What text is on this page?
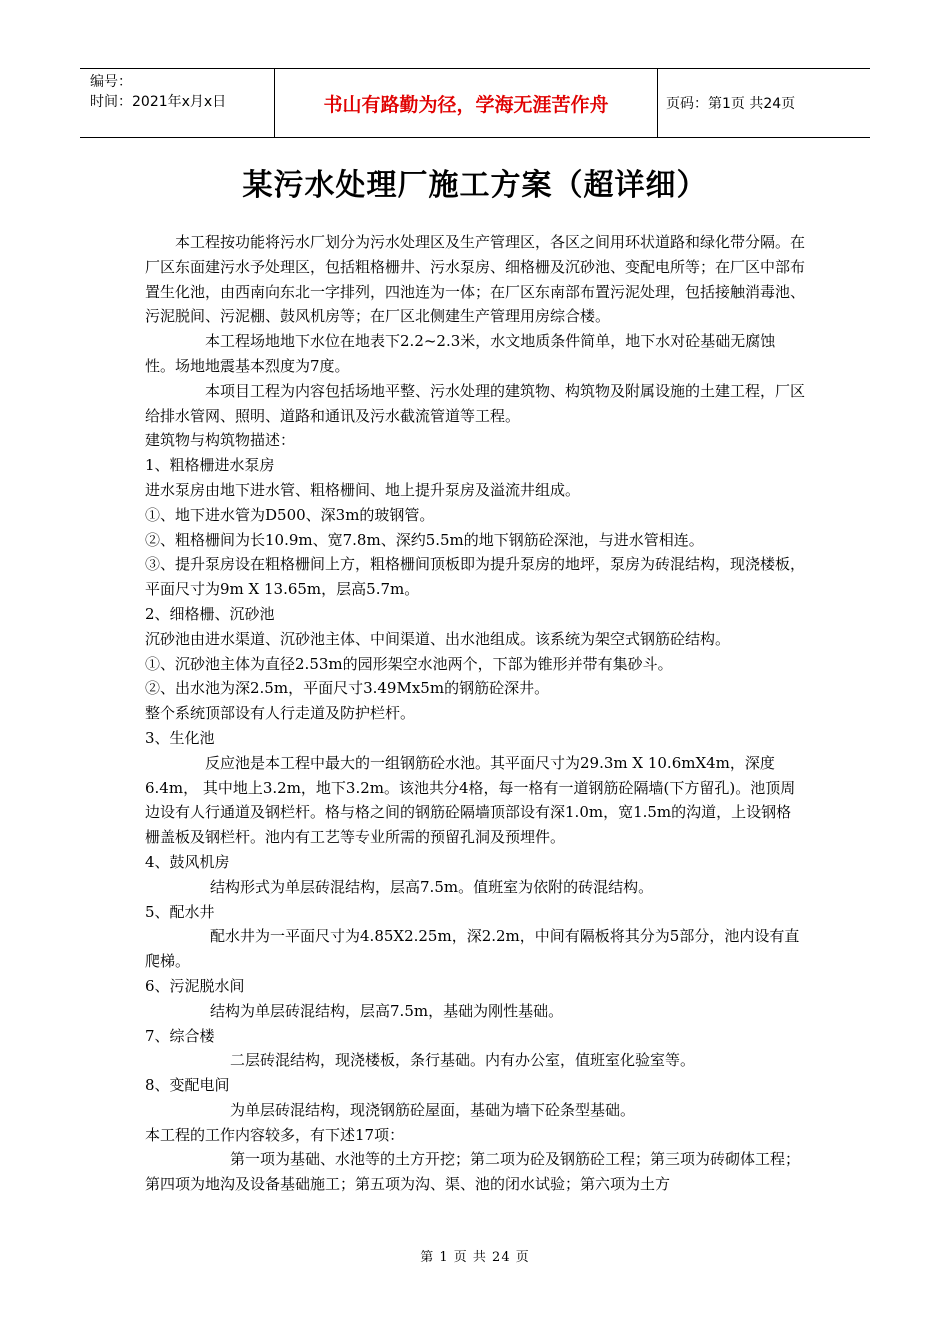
编号：
时间：2021年x月x日	书山有路勤为径，学海无涯苦作舟	页码：第1页 共24页
某污水处理厂施工方案（超详细）

本工程按功能将污水厂划分为污水处理区及生产管理区，各区之间用环状道路和绿化带分隔。在厂区东面建污水予处理区，包括粗格栅井、污水泵房、细格栅及沉砂池、变配电所等；在厂区中部布置生化池，由西南向东北一字排列，四池连为一体；在厂区东南部布置污泥处理，包括接触消毒池、污泥脱间、污泥棚、鼓风机房等；在厂区北侧建生产管理用房综合楼。

本工程场地地下水位在地表下2.2~2.3米，水文地质条件简单，地下水对砼基础无腐蚀性。场地地震基本烈度为7度。

本项目工程为内容包括场地平整、污水处理的建筑物、构筑物及附属设施的土建工程，厂区给排水管网、照明、道路和通讯及污水截流管道等工程。

建筑物与构筑物描述：

1、粗格栅进水泵房

进水泵房由地下进水管、粗格栅间、地上提升泵房及溢流井组成。

①、地下进水管为D500、深3m的玻钢管。

②、粗格栅间为长10.9m、宽7.8m、深约5.5m的地下钢筋砼深池，与进水管相连。

③、提升泵房设在粗格栅间上方，粗格栅间顶板即为提升泵房的地坪，泵房为砖混结构，现浇楼板，平面尺寸为9m X 13.65m，层高5.7m。

2、细格栅、沉砂池

沉砂池由进水渠道、沉砂池主体、中间渠道、出水池组成。该系统为架空式钢筋砼结构。

①、沉砂池主体为直径2.53m的园形架空水池两个，下部为锥形并带有集砂斗。

②、出水池为深2.5m，平面尺寸3.49Mx5m的钢筋砼深井。

整个系统顶部设有人行走道及防护栏杆。

3、生化池

反应池是本工程中最大的一组钢筋砼水池。其平面尺寸为29.3m X 10.6mX4m，深度6.4m， 其中地上3.2m，地下3.2m。该池共分4格，每一格有一道钢筋砼隔墙(下方留孔)。池顶周边设有人行通道及钢栏杆。格与格之间的钢筋砼隔墙顶部设有深1.0m，宽1.5m的沟道，上设钢格栅盖板及钢栏杆。池内有工艺等专业所需的预留孔洞及预埋件。

4、鼓风机房

结构形式为单层砖混结构，层高7.5m。值班室为依附的砖混结构。

5、配水井

配水井为一平面尺寸为4.85X2.25m，深2.2m，中间有隔板将其分为5部分，池内设有直爬梯。

6、污泥脱水间

结构为单层砖混结构，层高7.5m，基础为刚性基础。

7、综合楼

二层砖混结构，现浇楼板，条行基础。内有办公室，值班室化验室等。

8、变配电间

为单层砖混结构，现浇钢筋砼屋面，基础为墙下砼条型基础。

本工程的工作内容较多，有下述17项：

第一项为基础、水池等的土方开挖；第二项为砼及钢筋砼工程；第三项为砖砌体工程；第四项为地沟及设备基础施工；第五项为沟、渠、池的闭水试验；第六项为土方

第 1 页 共 24 页
